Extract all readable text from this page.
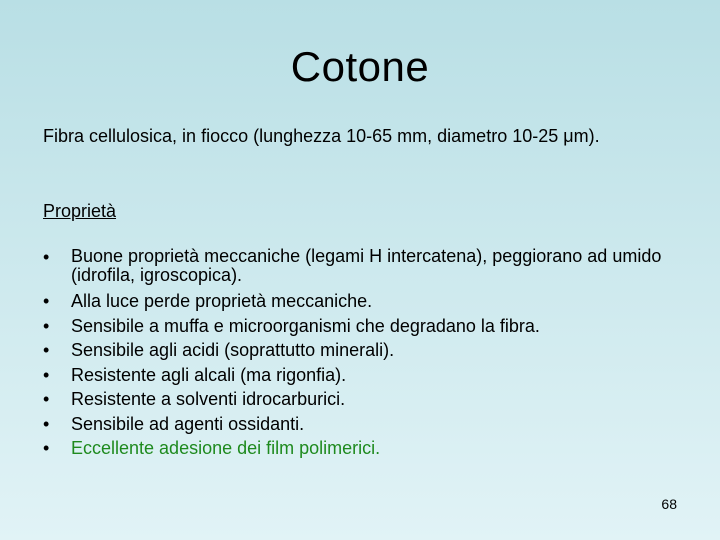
Cotone
Fibra cellulosica, in fiocco (lunghezza 10-65 mm, diametro 10-25 μm).
Proprietà
•	Buone proprietà meccaniche (legami H intercatena), peggiorano ad umido (idrofila, igroscopica).
•	Alla luce perde proprietà meccaniche.
•	Sensibile a muffa e microorganismi che degradano la fibra.
•	Sensibile agli acidi (soprattutto minerali).
•	Resistente agli alcali (ma rigonfia).
•	Resistente a solventi idrocarburici.
•	Sensibile ad agenti ossidanti.
•	Eccellente adesione dei film polimerici.
68
